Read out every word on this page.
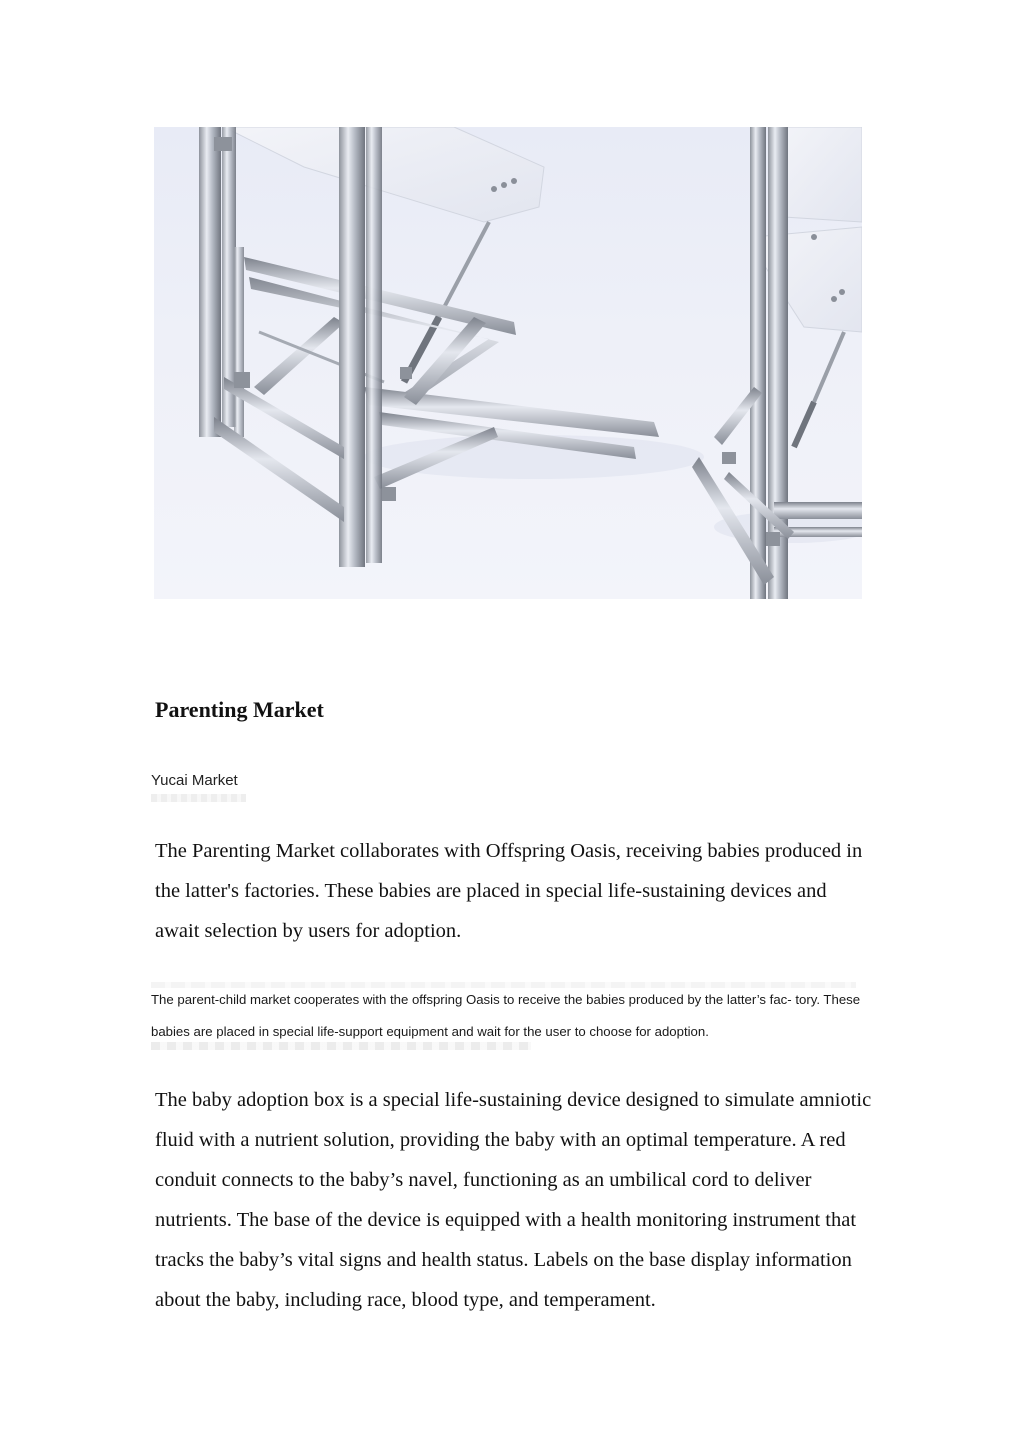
Parenting Market

Yucai Market

The Parenting Market collaborates with Offspring Oasis, receiving babies produced in the latter's factories. These babies are placed in special life-sustaining devices and await selection by users for adoption.

The parent-child market cooperates with the offspring Oasis to receive the babies produced by the latter’s fac- tory. These babies are placed in special life-support equipment and wait for the user to choose for adoption.

The baby adoption box is a special life-sustaining device designed to simulate amniotic fluid with a nutrient solution, providing the baby with an optimal temperature. A red conduit connects to the baby’s navel, functioning as an umbilical cord to deliver nutrients. The base of the device is equipped with a health monitoring instrument that tracks the baby’s vital signs and health status. Labels on the base display information about the baby, including race, blood type, and temperament.
